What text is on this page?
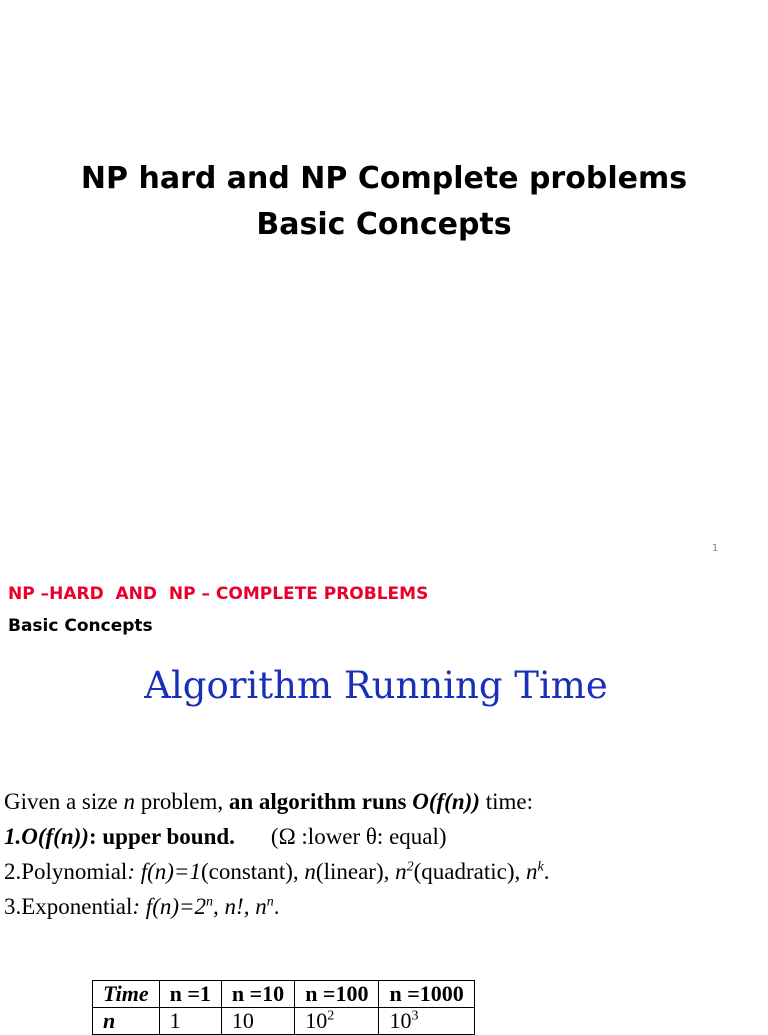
NP hard and NP Complete problems
Basic Concepts
1
NP –HARD  AND  NP – COMPLETE PROBLEMS
Basic Concepts
Algorithm Running Time
Given a size n problem, an algorithm runs O(f(n)) time:
1.O(f(n)): upper bound. (Ω :lower θ: equal)
2.Polynomial: f(n)=1(constant), n(linear), $n^2(quadratic)$, $n^k$.
3.Exponential: $f(n)=2^n$, n!, $n^n$.
Time	n =1	n =10	n =100	n =1000
n	1	10	$10^2$	$10^3$
